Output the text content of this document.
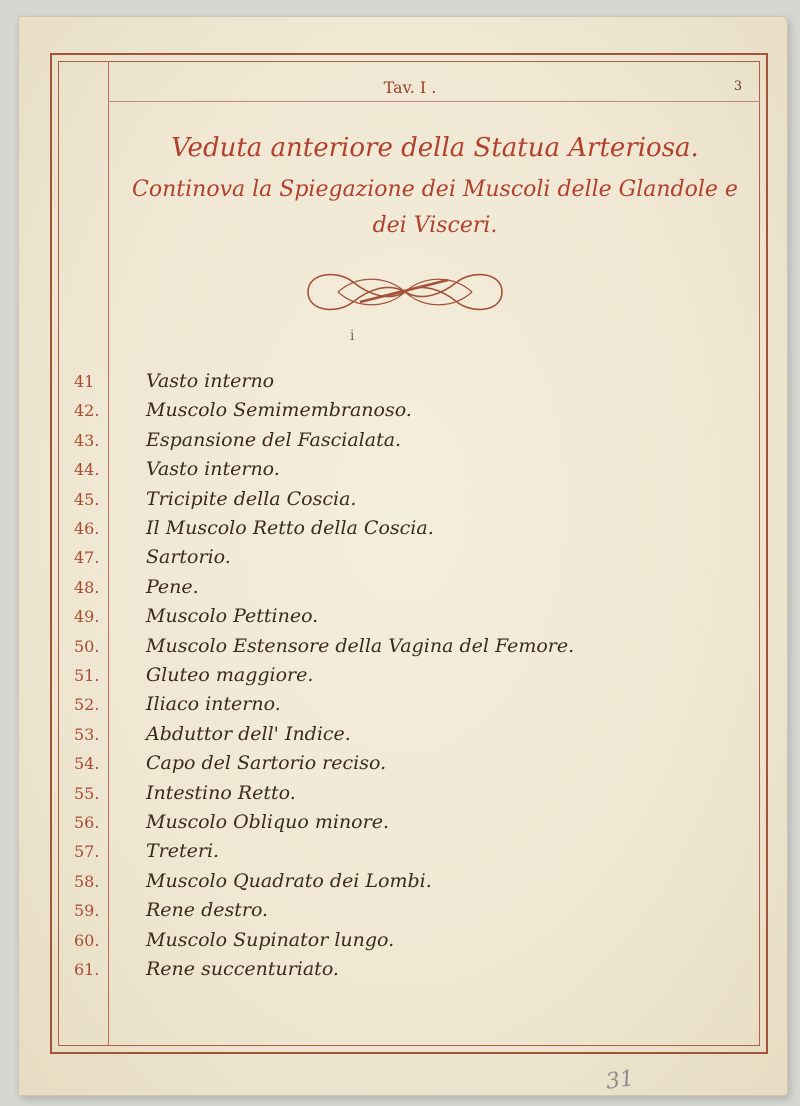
Tav. I .	3
Veduta anteriore della Statua Arteriosa.
Continova la Spiegazione dei Muscoli delle Glandole e
dei Visceri.
i
41	Vasto interno
42.	Muscolo Semimembranoso.
43.	Espansione del Fascialata.
44.	Vasto interno.
45.	Tricipite della Coscia.
46.	Il Muscolo Retto della Coscia.
47.	Sartorio.
48.	Pene.
49.	Muscolo Pettineo.
50.	Muscolo Estensore della Vagina del Femore.
51.	Gluteo maggiore.
52.	Iliaco interno.
53.	Abduttor dell' Indice.
54.	Capo del Sartorio reciso.
55.	Intestino Retto.
56.	Muscolo Obliquo minore.
57.	Treteri.
58.	Muscolo Quadrato dei Lombi.
59.	Rene destro.
60.	Muscolo Supinator lungo.
61.	Rene succenturiato.
31
